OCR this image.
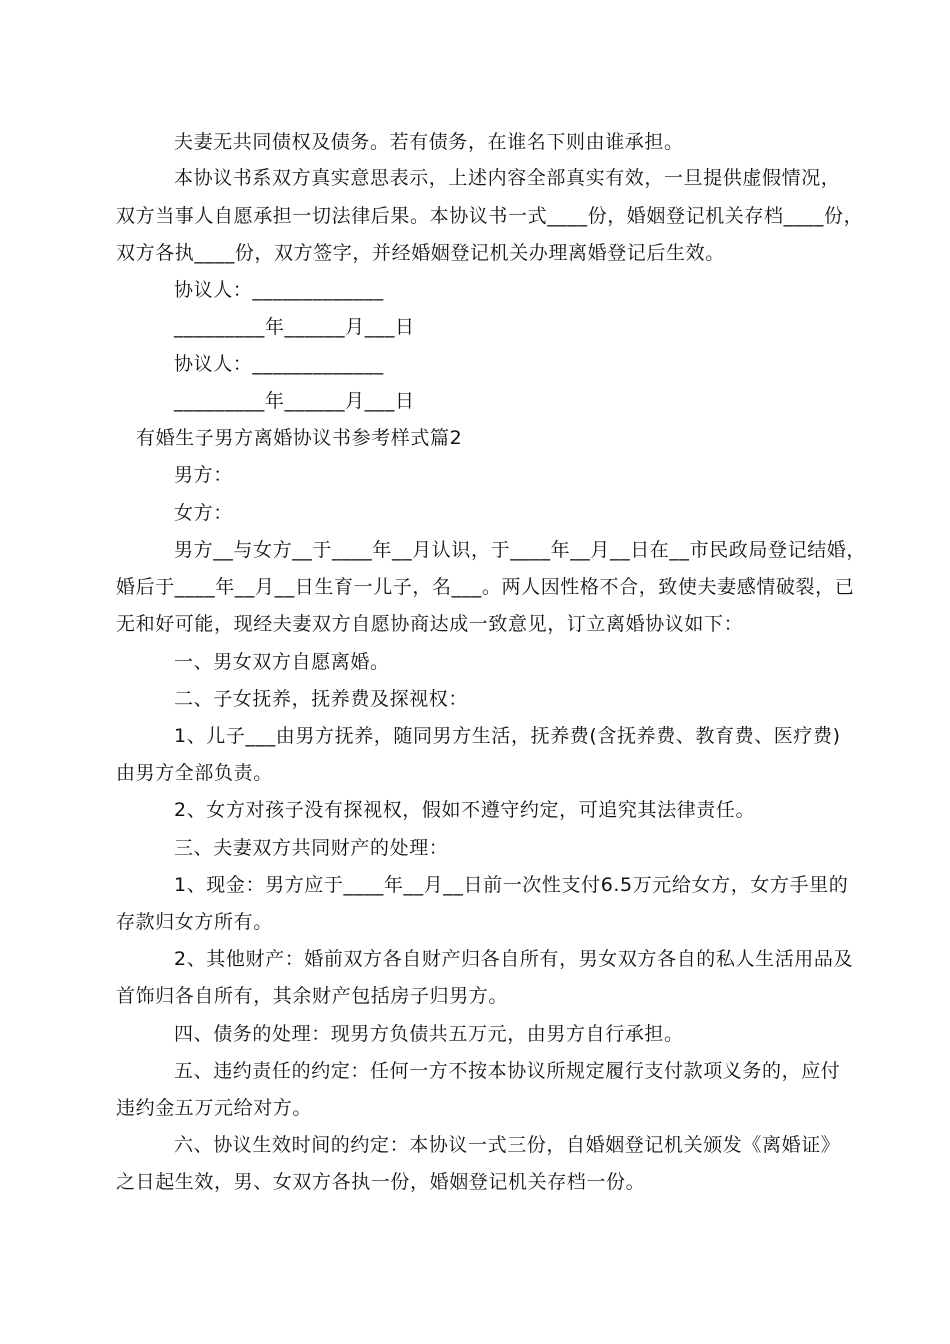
夫妻无共同债权及债务。若有债务，在谁名下则由谁承担。
本协议书系双方真实意思表示，上述内容全部真实有效，一旦提供虚假情况，
双方当事人自愿承担一切法律后果。本协议书一式____份，婚姻登记机关存档____份，
双方各执____份，双方签字，并经婚姻登记机关办理离婚登记后生效。
协议人：_____________
_________年______月___日
协议人：_____________
_________年______月___日
有婚生子男方离婚协议书参考样式篇2
男方：
女方：
男方__与女方__于____年__月认识，于____年__月__日在__市民政局登记结婚，
婚后于____年__月__日生育一儿子，名___。两人因性格不合，致使夫妻感情破裂，已
无和好可能，现经夫妻双方自愿协商达成一致意见，订立离婚协议如下：
一、男女双方自愿离婚。
二、子女抚养，抚养费及探视权：
1、儿子___由男方抚养，随同男方生活，抚养费(含抚养费、教育费、医疗费)
由男方全部负责。
2、女方对孩子没有探视权，假如不遵守约定，可追究其法律责任。
三、夫妻双方共同财产的处理：
1、现金：男方应于____年__月__日前一次性支付6.5万元给女方，女方手里的
存款归女方所有。
2、其他财产：婚前双方各自财产归各自所有，男女双方各自的私人生活用品及
首饰归各自所有，其余财产包括房子归男方。
四、债务的处理：现男方负债共五万元，由男方自行承担。
五、违约责任的约定：任何一方不按本协议所规定履行支付款项义务的，应付
违约金五万元给对方。
六、协议生效时间的约定：本协议一式三份，自婚姻登记机关颁发《离婚证》
之日起生效，男、女双方各执一份，婚姻登记机关存档一份。
